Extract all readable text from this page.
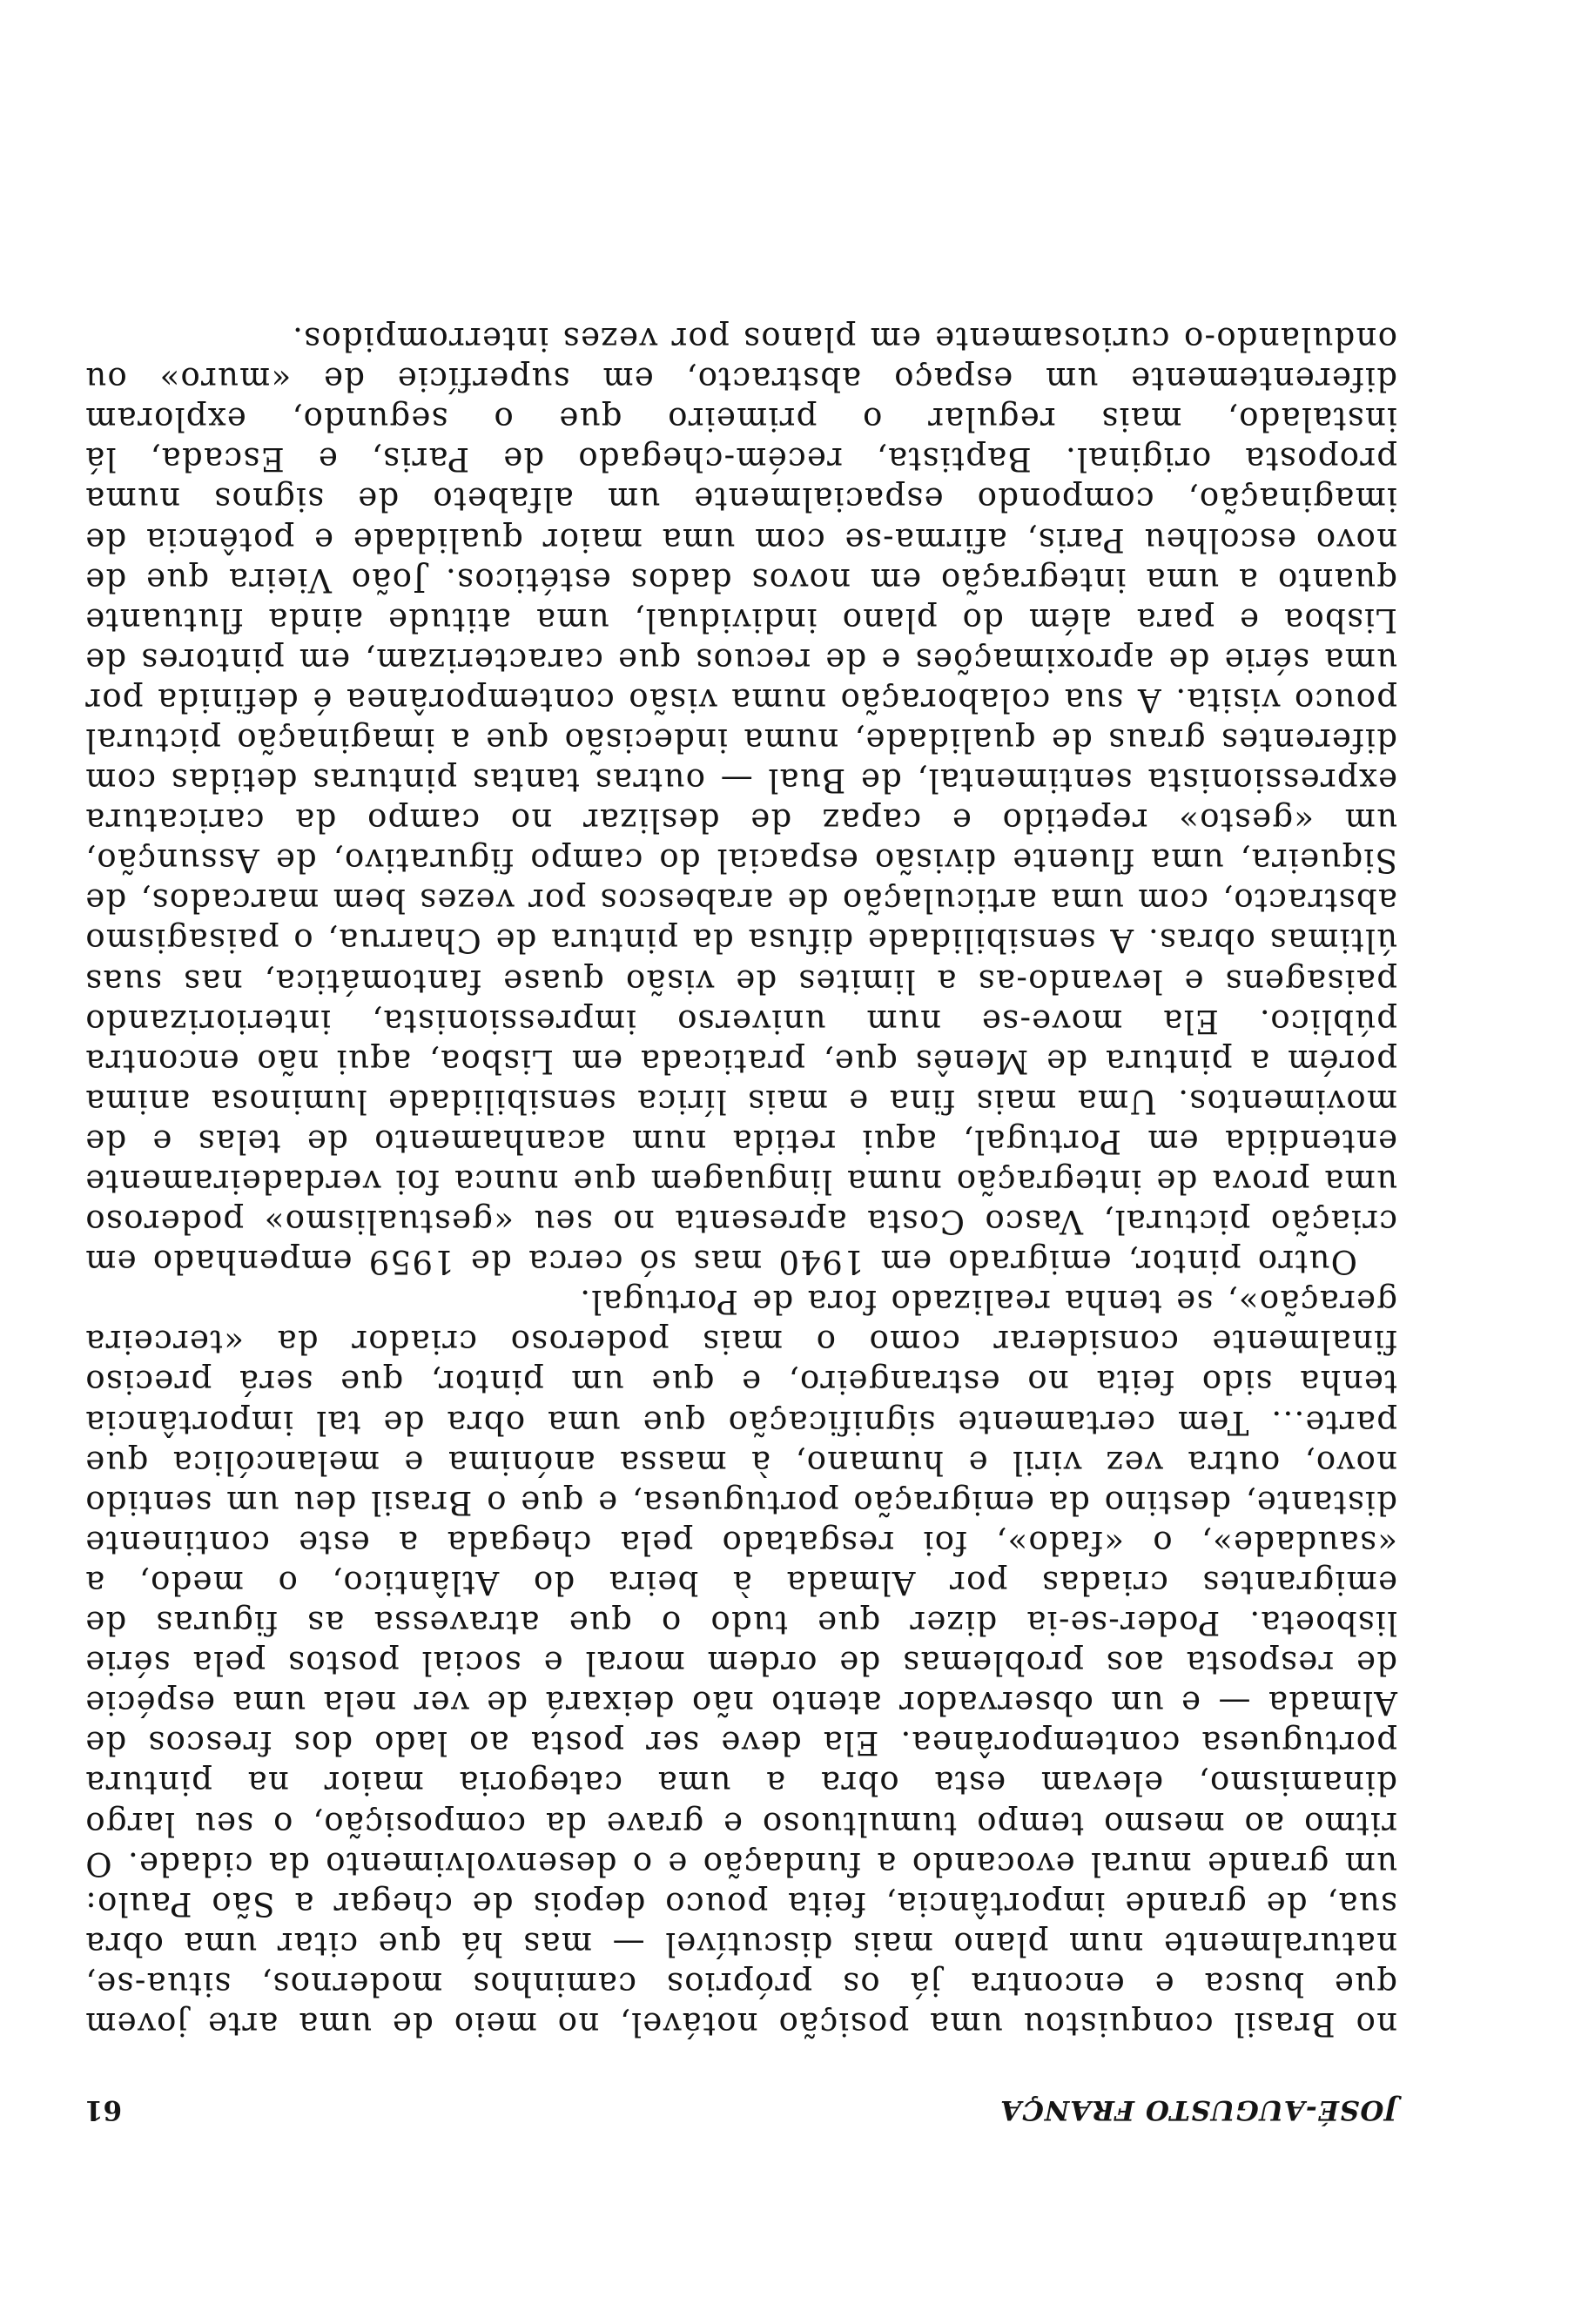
JOSÉ-AUGUSTO FRANÇA
61

no Brasil conquistou uma posição notável, no meio de uma arte jovem que busca e encontra já os próprios caminhos modernos, situa-se, naturalmente num plano mais discutível — mas há que citar uma obra sua, de grande importância, feita pouco depois de chegar a São Paulo: um grande mural evocando a fundação e o desenvolvimento da cidade. O ritmo ao mesmo tempo tumultuoso e grave da composição, o seu largo dinamismo, elevam esta obra a uma categoria maior na pintura portuguesa contemporânea. Ela deve ser posta ao lado dos frescos de Almada — e um observador atento não deixará de ver nela uma espécie de resposta aos problemas de ordem moral e social postos pela série lisboeta. Poder-se-ia dizer que tudo o que atravessa as figuras de emigrantes criadas por Almada à beira do Atlântico, o medo, a «saudade», o «fado», foi resgatado pela chegada a este continente distante, destino da emigração portuguesa, e que o Brasil deu um sentido novo, outra vez viril e humano, à massa anónima e melancólica que parte... Tem certamente significação que uma obra de tal importância tenha sido feita no estrangeiro, e que um pintor, que será preciso finalmente considerar como o mais poderoso criador da «terceira geração», se tenha realizado fora de Portugal.

Outro pintor, emigrado em 1940 mas só cerca de 1959 empenhado em criação pictural, Vasco Costa apresenta no seu «gestualismo» poderoso uma prova de integração numa linguagem que nunca foi verdadeiramente entendida em Portugal, aqui retida num acanhamento de telas e de movimentos. Uma mais fina e mais lírica sensibilidade luminosa anima porém a pintura de Menês que, praticada em Lisboa, aqui não encontra público. Ela move-se num universo impressionista, interiorizando paisagens e levando-as a limites de visão quase fantomática, nas suas últimas obras. A sensibilidade difusa da pintura de Charrua, o paisagismo abstracto, com uma articulação de arabescos por vezes bem marcados, de Siqueira, uma fluente divisão espacial do campo figurativo, de Assunção, um «gesto» repetido e capaz de deslizar no campo da caricatura expressionista sentimental, de Bual — outras tantas pinturas detidas com diferentes graus de qualidade, numa indecisão que a imaginação pictural pouco visita. A sua colaboração numa visão contemporânea é definida por uma série de aproximações e de recuos que caracterizam, em pintores de Lisboa e para além do plano individual, uma atitude ainda flutuante quanto a uma integração em novos dados estéticos. João Vieira que de novo escolheu Paris, afirma-se com uma maior qualidade e potência de imaginação, compondo espacialmente um alfabeto de signos numa proposta original. Baptista, recém-chegado de Paris, e Escada, lá instalado, mais regular o primeiro que o segundo, exploram diferentemente um espaço abstracto, em superfície de «muro» ou ondulando-o curiosamente em planos por vezes interrompidos.
